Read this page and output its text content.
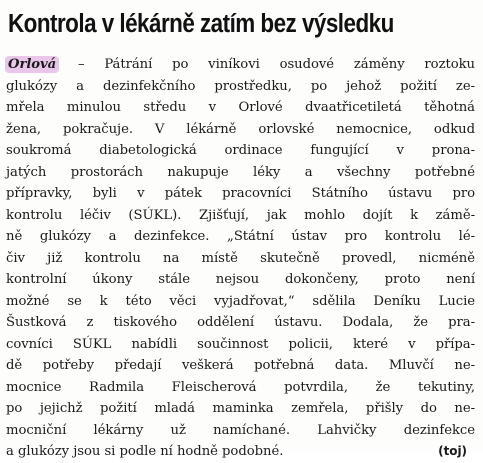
Kontrola v lékárně zatím bez výsledku
Orlová – Pátrání po viníkovi osudové záměny roztoku
glukózy a dezinfekčního prostředku, po jehož požití ze-
mřela minulou středu v Orlové dvaatřicetiletá těhotná
žena, pokračuje. V lékárně orlovské nemocnice, odkud
soukromá diabetologická ordinace fungující v prona-
jatých prostorách nakupuje léky a všechny potřebné
přípravky, byli v pátek pracovníci Státního ústavu pro
kontrolu léčiv (SÚKL). Zjišťují, jak mohlo dojít k zámě-
ně glukózy a dezinfekce. „Státní ústav pro kontrolu lé-
čiv již kontrolu na místě skutečně provedl, nicméně
kontrolní úkony stále nejsou dokončeny, proto není
možné se k této věci vyjadřovat,“ sdělila Deníku Lucie
Šustková z tiskového oddělení ústavu. Dodala, že pra-
covníci SÚKL nabídli součinnost policii, které v přípa-
dě potřeby předají veškerá potřebná data. Mluvčí ne-
mocnice Radmila Fleischerová potvrdila, že tekutiny,
po jejichž požití mladá maminka zemřela, přišly do ne-
mocniční lékárny už namíchané. Lahvičky dezinfekce
a glukózy jsou si podle ní hodně podobné.	(toj)
